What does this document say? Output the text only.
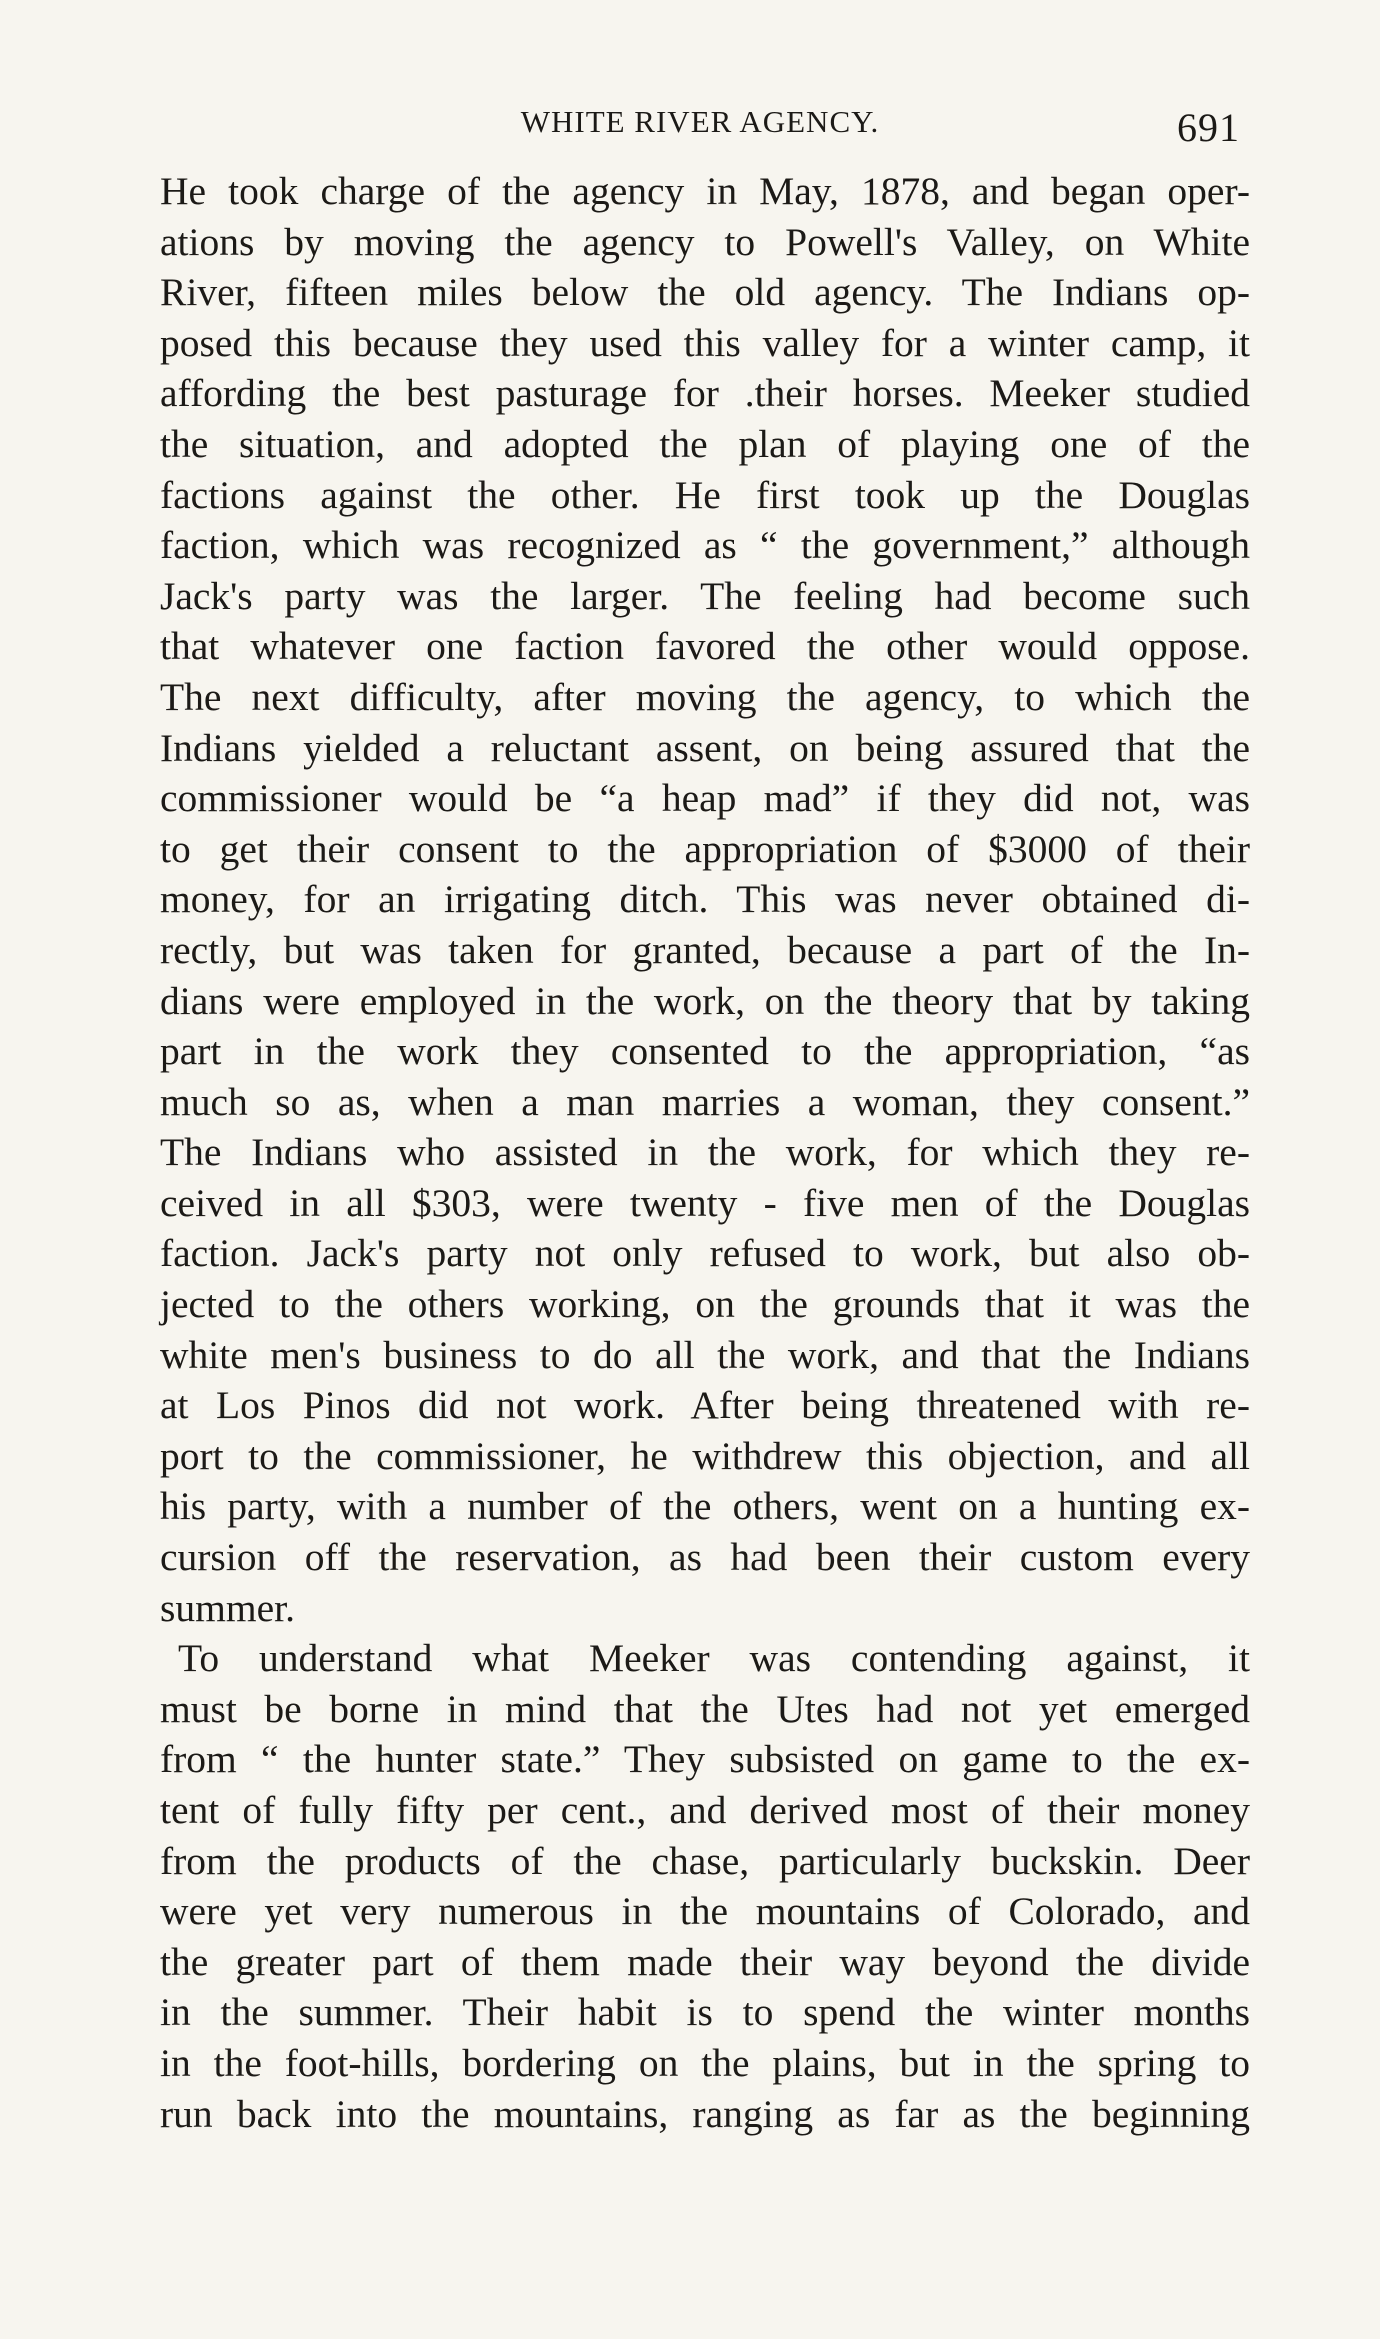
WHITE RIVER AGENCY.	691
He took charge of the agency in May, 1878, and began oper-
ations by moving the agency to Powell's Valley, on White
River, fifteen miles below the old agency. The Indians op-
posed this because they used this valley for a winter camp, it
affording the best pasturage for .their horses. Meeker studied
the situation, and adopted the plan of playing one of the
factions against the other. He first took up the Douglas
faction, which was recognized as “ the government,” although
Jack's party was the larger. The feeling had become such
that whatever one faction favored the other would oppose.
The next difficulty, after moving the agency, to which the
Indians yielded a reluctant assent, on being assured that the
commissioner would be “a heap mad” if they did not, was
to get their consent to the appropriation of $3000 of their
money, for an irrigating ditch. This was never obtained di-
rectly, but was taken for granted, because a part of the In-
dians were employed in the work, on the theory that by taking
part in the work they consented to the appropriation, “as
much so as, when a man marries a woman, they consent.”
The Indians who assisted in the work, for which they re-
ceived in all $303, were twenty - five men of the Douglas
faction. Jack's party not only refused to work, but also ob-
jected to the others working, on the grounds that it was the
white men's business to do all the work, and that the Indians
at Los Pinos did not work. After being threatened with re-
port to the commissioner, he withdrew this objection, and all
his party, with a number of the others, went on a hunting ex-
cursion off the reservation, as had been their custom every
summer.
To understand what Meeker was contending against, it
must be borne in mind that the Utes had not yet emerged
from “ the hunter state.” They subsisted on game to the ex-
tent of fully fifty per cent., and derived most of their money
from the products of the chase, particularly buckskin. Deer
were yet very numerous in the mountains of Colorado, and
the greater part of them made their way beyond the divide
in the summer. Their habit is to spend the winter months
in the foot-hills, bordering on the plains, but in the spring to
run back into the mountains, ranging as far as the beginning
